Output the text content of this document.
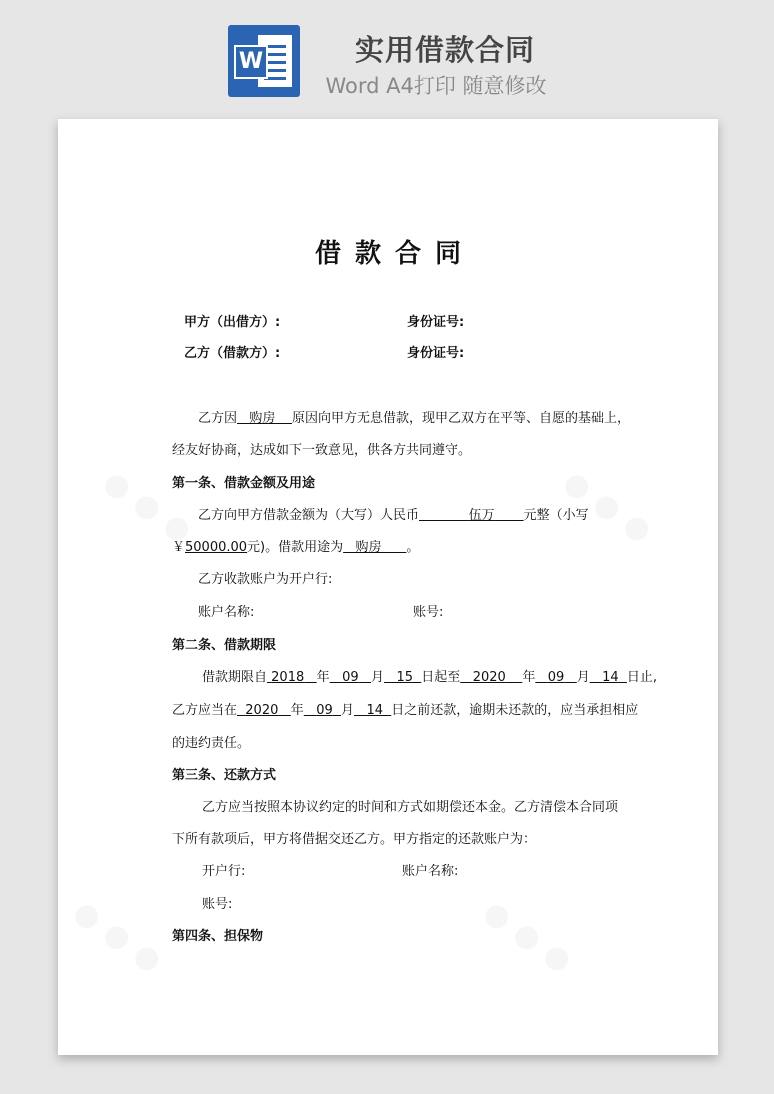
W	实用借款合同
Word A4打印 随意修改
借款合同
甲方（出借方）:	身份证号:
乙方（借款方）:	身份证号:
乙方因 购房 原因向甲方无息借款，现甲乙双方在平等、自愿的基础上，
经友好协商，达成如下一致意见，供各方共同遵守。
第一条、借款金额及用途
乙方向甲方借款金额为（大写）人民币	伍万 元整（小写
￥50000.00元)。借款用途为 购房 。
乙方收款账户为开户行:
账户名称:	账号:
第二条、借款期限
借款期限自 2018 年 09 月 15 日起至 2020 年 09 月 14 日止,
乙方应当在 2020 年 09 月 14 日之前还款，逾期未还款的，应当承担相应
的违约责任。
第三条、还款方式
乙方应当按照本协议约定的时间和方式如期偿还本金。乙方清偿本合同项
下所有款项后，甲方将借据交还乙方。甲方指定的还款账户为：
开户行:	账户名称:
账号:
第四条、担保物
